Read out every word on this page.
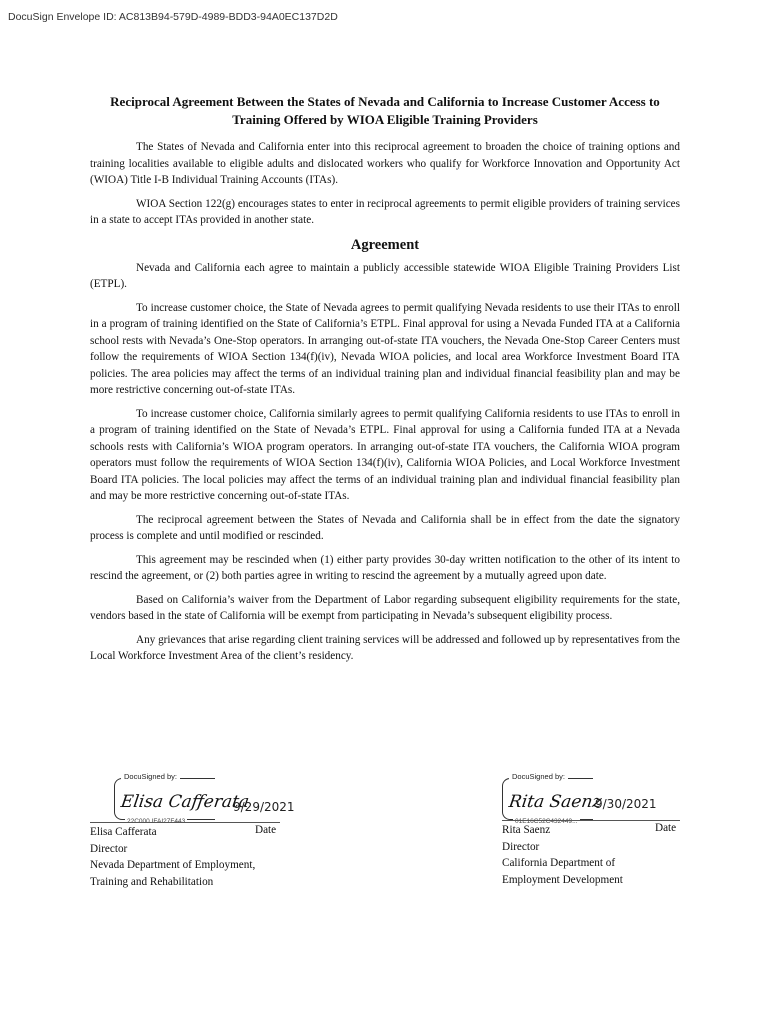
DocuSign Envelope ID: AC813B94-579D-4989-BDD3-94A0EC137D2D
Reciprocal Agreement Between the States of Nevada and California to Increase Customer Access to
Training Offered by WIOA Eligible Training Providers

The States of Nevada and California enter into this reciprocal agreement to broaden the choice of training options and training localities available to eligible adults and dislocated workers who qualify for Workforce Innovation and Opportunity Act (WIOA) Title I-B Individual Training Accounts (ITAs).

WIOA Section 122(g) encourages states to enter in reciprocal agreements to permit eligible providers of training services in a state to accept ITAs provided in another state.

Agreement

Nevada and California each agree to maintain a publicly accessible statewide WIOA Eligible Training Providers List (ETPL).

To increase customer choice, the State of Nevada agrees to permit qualifying Nevada residents to use their ITAs to enroll in a program of training identified on the State of California’s ETPL. Final approval for using a Nevada Funded ITA at a California school rests with Nevada’s One-Stop operators. In arranging out-of-state ITA vouchers, the Nevada One-Stop Career Centers must follow the requirements of WIOA Section 134(f)(iv), Nevada WIOA policies, and local area Workforce Investment Board ITA policies. The area policies may affect the terms of an individual training plan and individual financial feasibility plan and may be more restrictive concerning out-of-state ITAs.

To increase customer choice, California similarly agrees to permit qualifying California residents to use ITAs to enroll in a program of training identified on the State of Nevada’s ETPL. Final approval for using a California funded ITA at a Nevada schools rests with California’s WIOA program operators. In arranging out-of-state ITA vouchers, the California WIOA program operators must follow the requirements of WIOA Section 134(f)(iv), California WIOA Policies, and Local Workforce Investment Board ITA policies. The local policies may affect the terms of an individual training plan and individual financial feasibility plan and may be more restrictive concerning out-of-state ITAs.

The reciprocal agreement between the States of Nevada and California shall be in effect from the date the signatory process is complete and until modified or rescinded.

This agreement may be rescinded when (1) either party provides 30-day written notification to the other of its intent to rescind the agreement, or (2) both parties agree in writing to rescind the agreement by a mutually agreed upon date.

Based on California’s waiver from the Department of Labor regarding subsequent eligibility requirements for the state, vendors based in the state of California will be exempt from participating in Nevada’s subsequent eligibility process.

Any grievances that arise regarding client training services will be addressed and followed up by representatives from the Local Workforce Investment Area of the client’s residency.

DocuSigned by:
Elisa Cafferata
22C000 IFAI27F443
9/29/2021
Elisa Cafferata
Director
Nevada Department of Employment,
Training and Rehabilitation
Date
DocuSigned by:
Rita Saenz
01E16C52C432449...
9/30/2021
Rita Saenz
Director
California Department of
Employment Development
Date
